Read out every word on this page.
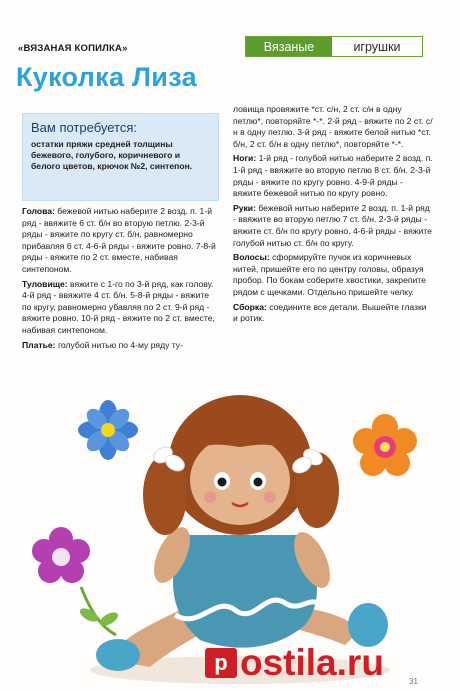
«ВЯЗАНАЯ КОПИЛКА»	Вязаные	игрушки
Куколка Лиза
Вам потребуется:
остатки пряжи средней толщины бежевого, голубого, коричневого и белого цветов, крючок №2, синтепон.

Голова: бежевой нитью наберите 2 возд. п. 1-й ряд - ввяжите 6 ст. б/н во вторую петлю. 2-3-й ряды - вяжите по кругу ст. б/н, равномерно прибавляя 6 ст. 4-6-й ряды - вяжите ровно. 7-8-й ряды - вяжите по 2 ст. вместе, набивая синтепоном.

Туловище: вяжите с 1-го по 3-й ряд, как голову. 4-й ряд - ввяжите 4 ст. б/н. 5-8-й ряды - вяжите по кругу, равномерно убавляя по 2 ст. 9-й ряд - вяжите ровно. 10-й ряд - вяжите по 2 ст. вместе, набивая синтепоном.

Платье: голубой нитью по 4-му ряду ту-

ловища провяжите *ст. с/н, 2 ст. с/н в одну петлю*, повторяйте *-*. 2-й ряд - вяжите по 2 ст. с/н в одну петлю. 3-й ряд - вяжите белой нитью *ст. б/н, 2 ст. б/н в одну петлю*, повторяйте *-*.

Ноги: 1-й ряд - голубой нитью наберите 2 возд. п. 1-й ряд - ввяжите во вторую петлю 8 ст. б/н. 2-3-й ряды - вяжите по кругу ровно. 4-9-й ряды - вяжите бежевой нитью по кругу ровно.

Руки: бежевой нитью наберите 2 возд. п. 1-й ряд - ввяжите во вторую петлю 7 ст. б/н. 2-3-й ряды - вяжите ст. б/н по кругу ровно. 4-6-й ряды - вяжите голубой нитью ст. б/н по кругу.

Волосы: сформируйте пучок из коричневых нитей, пришейте его по центру головы, образуя пробор. По бокам соберите хвостики, закрепите рядом с щечками. Отдельно пришейте челку.

Сборка: соедините все детали. Вышейте глазки и ротик.

p ostila.ru	31
